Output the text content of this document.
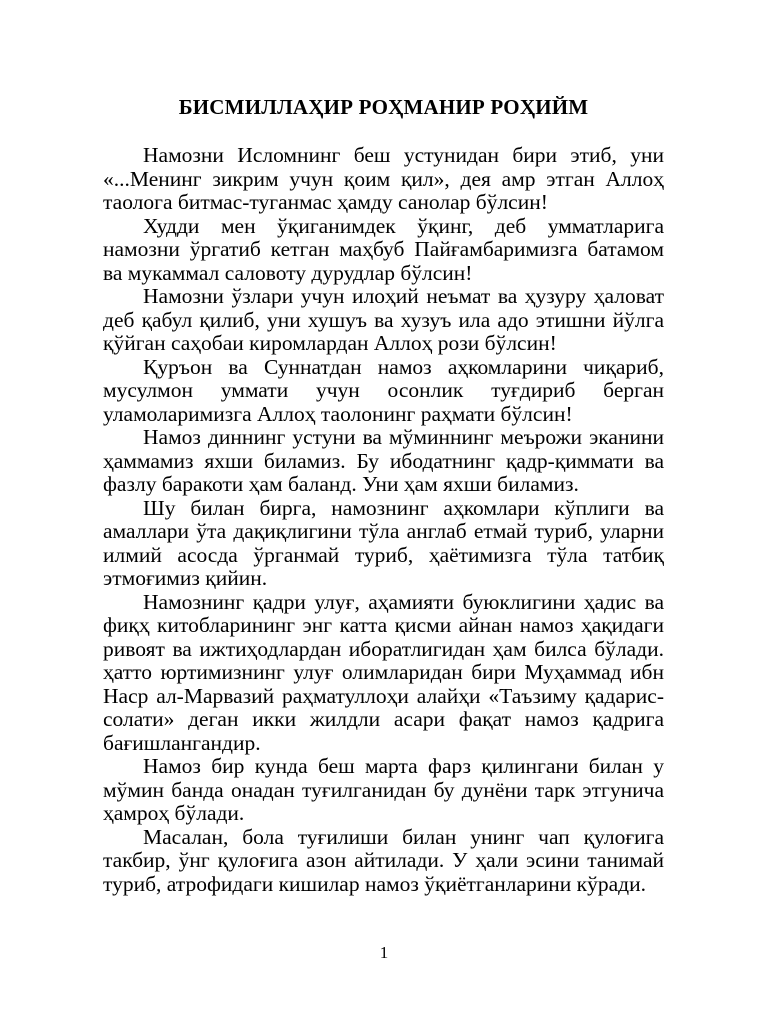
БИСМИЛЛАҲИР РОҲМАНИР РОҲИЙМ

Намозни Исломнинг беш устунидан бири этиб, уни «...Менинг зикрим учун қоим қил», дея амр этган Аллоҳ таолога битмас-туганмас ҳамду санолар бўлсин!

Худди мен ўқиганимдек ўқинг, деб умматларига намозни ўргатиб кетган маҳбуб Пайғамбаримизга батамом ва мукаммал саловоту дурудлар бўлсин!

Намозни ўзлари учун илоҳий неъмат ва ҳузуру ҳаловат деб қабул қилиб, уни хушуъ ва хузуъ ила адо этишни йўлга қўйган саҳобаи киромлардан Аллоҳ рози бўлсин!

Қуръон ва Суннатдан намоз аҳкомларини чиқариб, мусулмон уммати учун осонлик туғдириб берган уламоларимизга Аллоҳ таолонинг раҳмати бўлсин!

Намоз диннинг устуни ва мўминнинг меърожи эканини ҳаммамиз яхши биламиз. Бу ибодатнинг қадр-қиммати ва фазлу баракоти ҳам баланд. Уни ҳам яхши биламиз.

Шу билан бирга, намознинг аҳкомлари кўплиги ва амаллари ўта дақиқлигини тўла англаб етмай туриб, уларни илмий асосда ўрганмай туриб, ҳаётимизга тўла татбиқ этмоғимиз қийин.

Намознинг қадри улуғ, аҳамияти буюклигини ҳадис ва фиқҳ китобларининг энг катта қисми айнан намоз ҳақидаги ривоят ва ижтиҳодлардан иборатлигидан ҳам билса бўлади. ҳатто юртимизнинг улуғ олимларидан бири Муҳаммад ибн Наср ал-Марвазий раҳматуллоҳи алайҳи «Таъзиму қадарис-солати» деган икки жилдли асари фақат намоз қадрига бағишлангандир.

Намоз бир кунда беш марта фарз қилингани билан у мўмин банда онадан туғилганидан бу дунёни тарк этгунича ҳамроҳ бўлади.

Масалан, бола туғилиши билан унинг чап қулоғига такбир, ўнг қулоғига азон айтилади. У ҳали эсини танимай туриб, атрофидаги кишилар намоз ўқиётганларини кўради.

1
